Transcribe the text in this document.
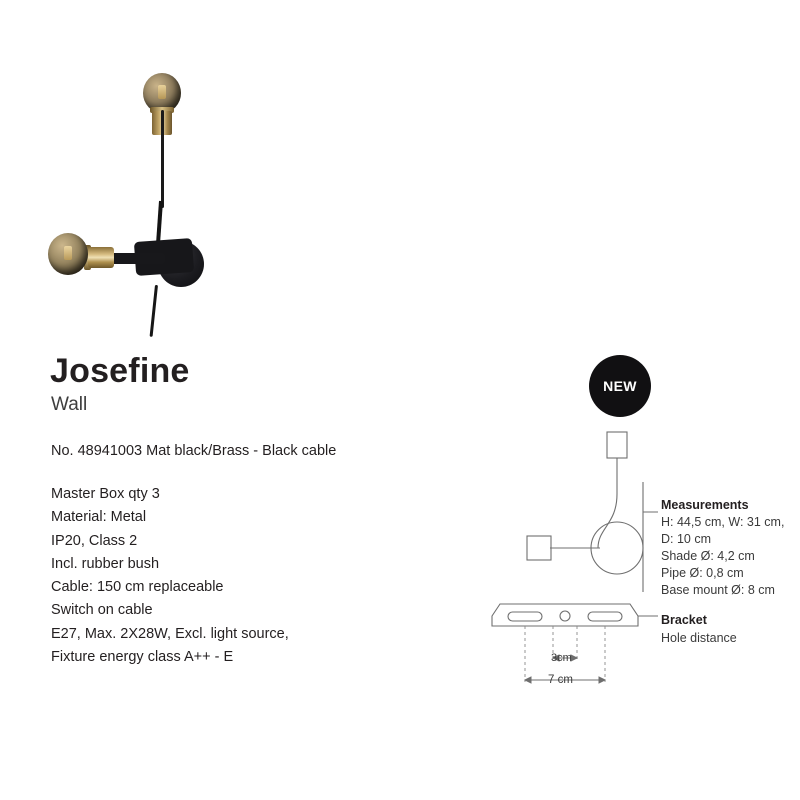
Josefine
Wall
No. 48941003 Mat black/Brass - Black cable
Master Box qty 3
Material: Metal
IP20, Class 2
Incl. rubber bush
Cable: 150 cm replaceable
Switch on cable
E27, Max. 2X28W, Excl. light source,
Fixture energy class A++ - E
NEW
Measurements
H: 44,5 cm, W: 31 cm,
D: 10 cm
Shade Ø: 4,2 cm
Pipe Ø: 0,8 cm
Base mount Ø: 8 cm
Bracket
Hole distance
3cm
7 cm
